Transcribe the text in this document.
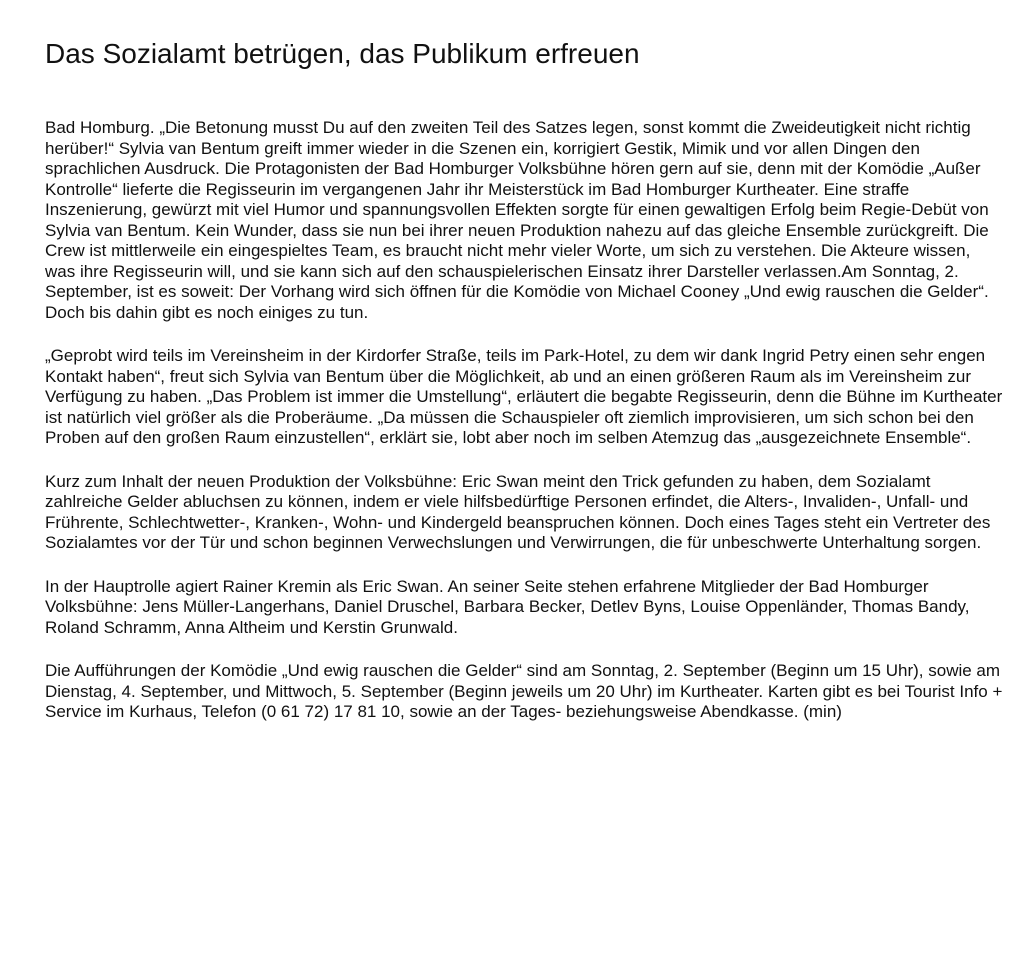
Das Sozialamt betrügen, das Publikum erfreuen

Bad Homburg. „Die Betonung musst Du auf den zweiten Teil des Satzes legen, sonst kommt die Zweideutigkeit nicht richtig herüber!“ Sylvia van Bentum greift immer wieder in die Szenen ein, korrigiert Gestik, Mimik und vor allen Dingen den sprachlichen Ausdruck. Die Protagonisten der Bad Homburger Volksbühne hören gern auf sie, denn mit der Komödie „Außer Kontrolle“ lieferte die Regisseurin im vergangenen Jahr ihr Meisterstück im Bad Homburger Kurtheater. Eine straffe Inszenierung, gewürzt mit viel Humor und spannungsvollen Effekten sorgte für einen gewaltigen Erfolg beim Regie-Debüt von Sylvia van Bentum. Kein Wunder, dass sie nun bei ihrer neuen Produktion nahezu auf das gleiche Ensemble zurückgreift. Die Crew ist mittlerweile ein eingespieltes Team, es braucht nicht mehr vieler Worte, um sich zu verstehen. Die Akteure wissen, was ihre Regisseurin will, und sie kann sich auf den schauspielerischen Einsatz ihrer Darsteller verlassen.Am Sonntag, 2. September, ist es soweit: Der Vorhang wird sich öffnen für die Komödie von Michael Cooney „Und ewig rauschen die Gelder“. Doch bis dahin gibt es noch einiges zu tun.

„Geprobt wird teils im Vereinsheim in der Kirdorfer Straße, teils im Park-Hotel, zu dem wir dank Ingrid Petry einen sehr engen Kontakt haben“, freut sich Sylvia van Bentum über die Möglichkeit, ab und an einen größeren Raum als im Vereinsheim zur Verfügung zu haben. „Das Problem ist immer die Umstellung“, erläutert die begabte Regisseurin, denn die Bühne im Kurtheater ist natürlich viel größer als die Proberäume. „Da müssen die Schauspieler oft ziemlich improvisieren, um sich schon bei den Proben auf den großen Raum einzustellen“, erklärt sie, lobt aber noch im selben Atemzug das „ausgezeichnete Ensemble“.

Kurz zum Inhalt der neuen Produktion der Volksbühne: Eric Swan meint den Trick gefunden zu haben, dem Sozialamt zahlreiche Gelder abluchsen zu können, indem er viele hilfsbedürftige Personen erfindet, die Alters-, Invaliden-, Unfall- und Frührente, Schlechtwetter-, Kranken-, Wohn- und Kindergeld beanspruchen können. Doch eines Tages steht ein Vertreter des Sozialamtes vor der Tür und schon beginnen Verwechslungen und Verwirrungen, die für unbeschwerte Unterhaltung sorgen.

In der Hauptrolle agiert Rainer Kremin als Eric Swan. An seiner Seite stehen erfahrene Mitglieder der Bad Homburger Volksbühne: Jens Müller-Langerhans, Daniel Druschel, Barbara Becker, Detlev Byns, Louise Oppenländer, Thomas Bandy, Roland Schramm, Anna Altheim und Kerstin Grunwald.

Die Aufführungen der Komödie „Und ewig rauschen die Gelder“ sind am Sonntag, 2. September (Beginn um 15 Uhr), sowie am Dienstag, 4. September, und Mittwoch, 5. September (Beginn jeweils um 20 Uhr) im Kurtheater. Karten gibt es bei Tourist Info + Service im Kurhaus, Telefon (0 61 72) 17 81 10, sowie an der Tages- beziehungsweise Abendkasse. (min)
